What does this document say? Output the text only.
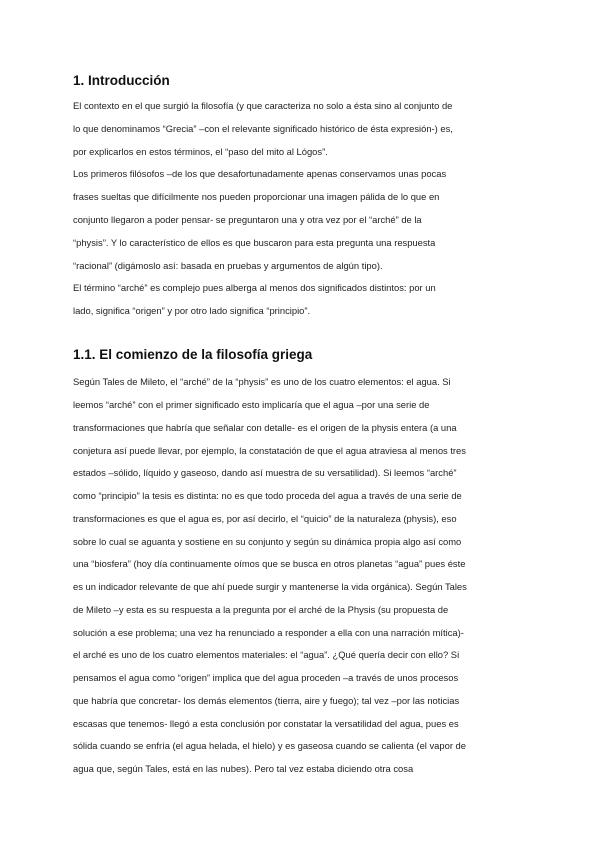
1. Introducción

El contexto en el que surgió la filosofía (y que caracteriza no solo a ésta sino al conjunto de

lo que denominamos “Grecia” –con el relevante significado histórico de ésta expresión-) es,

por explicarlos en estos términos, el “paso del mito al Lógos”.

Los primeros filósofos –de los que desafortunadamente apenas conservamos unas pocas

frases sueltas que difícilmente nos pueden proporcionar una imagen pálida de lo que en

conjunto llegaron a poder pensar- se preguntaron una y otra vez por el “arché” de la

“physis”. Y lo característico de ellos es que buscaron para esta pregunta una respuesta

“racional” (digámoslo así: basada en pruebas y argumentos de algún tipo).

El término “arché” es complejo pues alberga al menos dos significados distintos: por un

lado, significa “origen” y por otro lado significa “principio”.

1.1. El comienzo de la filosofía griega

Según Tales de Mileto, el “arché” de la “physis” es uno de los cuatro elementos: el agua. Si

leemos “arché” con el primer significado esto implicaría que el agua –por una serie de

transformaciones que habría que señalar con detalle- es el origen de la physis entera (a una

conjetura así puede llevar, por ejemplo, la constatación de que el agua atraviesa al menos tres

estados –sólido, líquido y gaseoso, dando así muestra de su versatilidad). Si leemos “arché”

como “principio” la tesis es distinta: no es que todo proceda del agua a través de una serie de

transformaciones es que el agua es, por así decirlo, el “quicio” de la naturaleza (physis), eso

sobre lo cual se aguanta y sostiene en su conjunto y según su dinámica propia algo así como

una “biosfera” (hoy día continuamente oímos que se busca en otros planetas “agua” pues éste

es un indicador relevante de que ahí puede surgir y mantenerse la vida orgánica). Según Tales

de Mileto –y esta es su respuesta a la pregunta por el arché de la Physis (su propuesta de

solución a ese problema; una vez ha renunciado a responder a ella con una narración mítica)-

el arché es uno de los cuatro elementos materiales: el “agua”. ¿Qué quería decir con ello? Si

pensamos el agua como “origen” implica que del agua proceden –a través de unos procesos

que habría que concretar- los demás elementos (tierra, aire y fuego); tal vez –por las noticias

escasas que tenemos- llegó a esta conclusión por constatar la versatilidad del agua, pues es

sólida cuando se enfría (el agua helada, el hielo) y es gaseosa cuando se calienta (el vapor de

agua que, según Tales, está en las nubes). Pero tal vez estaba diciendo otra cosa
